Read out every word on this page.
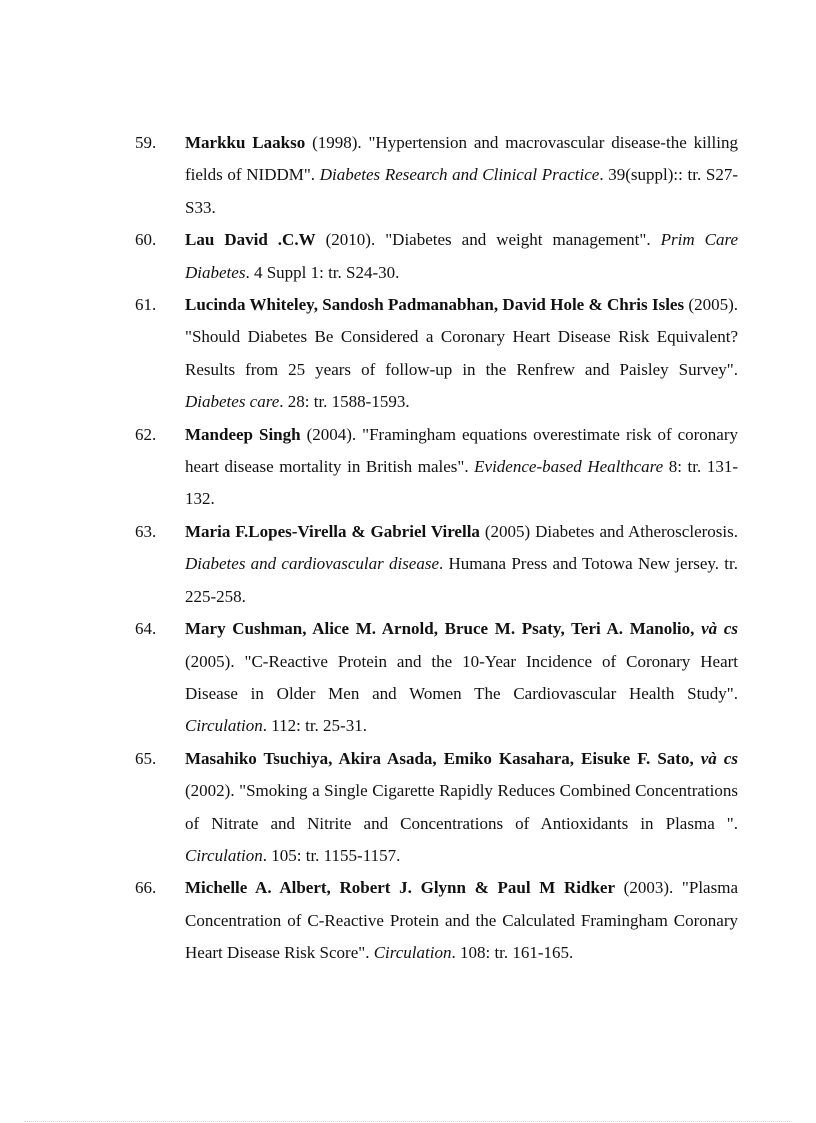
59. Markku Laakso (1998). "Hypertension and macrovascular disease-the killing fields of NIDDM". Diabetes Research and Clinical Practice. 39(suppl):: tr. S27-S33.
60. Lau David .C.W (2010). "Diabetes and weight management". Prim Care Diabetes. 4 Suppl 1: tr. S24-30.
61. Lucinda Whiteley, Sandosh Padmanabhan, David Hole & Chris Isles (2005). "Should Diabetes Be Considered a Coronary Heart Disease Risk Equivalent? Results from 25 years of follow-up in the Renfrew and Paisley Survey". Diabetes care. 28: tr. 1588-1593.
62. Mandeep Singh (2004). "Framingham equations overestimate risk of coronary heart disease mortality in British males". Evidence-based Healthcare 8: tr. 131-132.
63. Maria F.Lopes-Virella & Gabriel Virella (2005) Diabetes and Atherosclerosis. Diabetes and cardiovascular disease. Humana Press and Totowa New jersey. tr. 225-258.
64. Mary Cushman, Alice M. Arnold, Bruce M. Psaty, Teri A. Manolio, và cs (2005). "C-Reactive Protein and the 10-Year Incidence of Coronary Heart Disease in Older Men and Women The Cardiovascular Health Study". Circulation. 112: tr. 25-31.
65. Masahiko Tsuchiya, Akira Asada, Emiko Kasahara, Eisuke F. Sato, và cs (2002). "Smoking a Single Cigarette Rapidly Reduces Combined Concentrations of Nitrate and Nitrite and Concentrations of Antioxidants in Plasma ". Circulation. 105: tr. 1155-1157.
66. Michelle A. Albert, Robert J. Glynn & Paul M Ridker (2003). "Plasma Concentration of C-Reactive Protein and the Calculated Framingham Coronary Heart Disease Risk Score". Circulation. 108: tr. 161-165.
